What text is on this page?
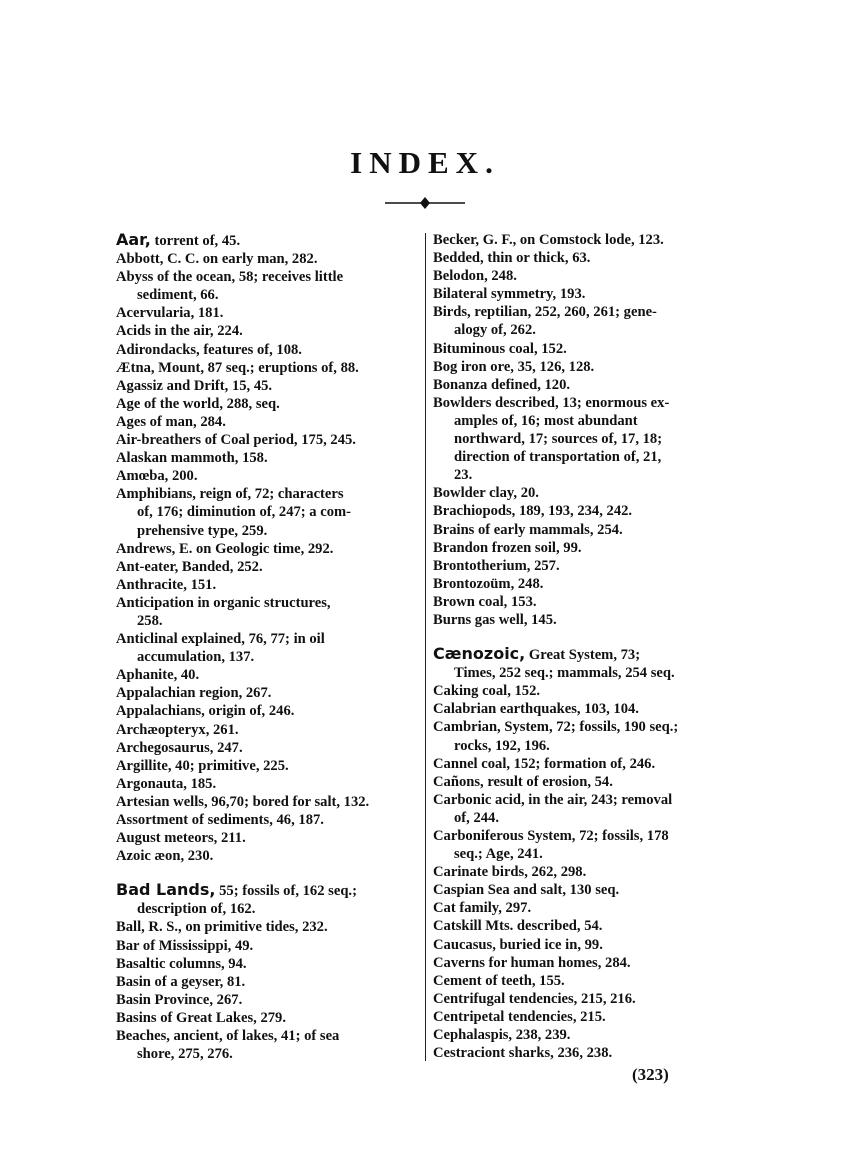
INDEX.
Aar, torrent of, 45.
Abbott, C. C. on early man, 282.
Abyss of the ocean, 58; receives little
sediment, 66.
Acervularia, 181.
Acids in the air, 224.
Adirondacks, features of, 108.
Ætna, Mount, 87 seq.; eruptions of, 88.
Agassiz and Drift, 15, 45.
Age of the world, 288, seq.
Ages of man, 284.
Air-breathers of Coal period, 175, 245.
Alaskan mammoth, 158.
Amœba, 200.
Amphibians, reign of, 72; characters
of, 176; diminution of, 247; a com-
prehensive type, 259.
Andrews, E. on Geologic time, 292.
Ant-eater, Banded, 252.
Anthracite, 151.
Anticipation in organic structures,
258.
Anticlinal explained, 76, 77; in oil
accumulation, 137.
Aphanite, 40.
Appalachian region, 267.
Appalachians, origin of, 246.
Archæopteryx, 261.
Archegosaurus, 247.
Argillite, 40; primitive, 225.
Argonauta, 185.
Artesian wells, 96,70; bored for salt, 132.
Assortment of sediments, 46, 187.
August meteors, 211.
Azoic æon, 230.
Bad Lands, 55; fossils of, 162 seq.;
description of, 162.
Ball, R. S., on primitive tides, 232.
Bar of Mississippi, 49.
Basaltic columns, 94.
Basin of a geyser, 81.
Basin Province, 267.
Basins of Great Lakes, 279.
Beaches, ancient, of lakes, 41; of sea
shore, 275, 276.
Becker, G. F., on Comstock lode, 123.
Bedded, thin or thick, 63.
Belodon, 248.
Bilateral symmetry, 193.
Birds, reptilian, 252, 260, 261; gene-
alogy of, 262.
Bituminous coal, 152.
Bog iron ore, 35, 126, 128.
Bonanza defined, 120.
Bowlders described, 13; enormous ex-
amples of, 16; most abundant
northward, 17; sources of, 17, 18;
direction of transportation of, 21,
23.
Bowlder clay, 20.
Brachiopods, 189, 193, 234, 242.
Brains of early mammals, 254.
Brandon frozen soil, 99.
Brontotherium, 257.
Brontozoüm, 248.
Brown coal, 153.
Burns gas well, 145.
Cænozoic, Great System, 73;
Times, 252 seq.; mammals, 254 seq.
Caking coal, 152.
Calabrian earthquakes, 103, 104.
Cambrian, System, 72; fossils, 190 seq.;
rocks, 192, 196.
Cannel coal, 152; formation of, 246.
Cañons, result of erosion, 54.
Carbonic acid, in the air, 243; removal
of, 244.
Carboniferous System, 72; fossils, 178
seq.; Age, 241.
Carinate birds, 262, 298.
Caspian Sea and salt, 130 seq.
Cat family, 297.
Catskill Mts. described, 54.
Caucasus, buried ice in, 99.
Caverns for human homes, 284.
Cement of teeth, 155.
Centrifugal tendencies, 215, 216.
Centripetal tendencies, 215.
Cephalaspis, 238, 239.
Cestraciont sharks, 236, 238.
(323)
